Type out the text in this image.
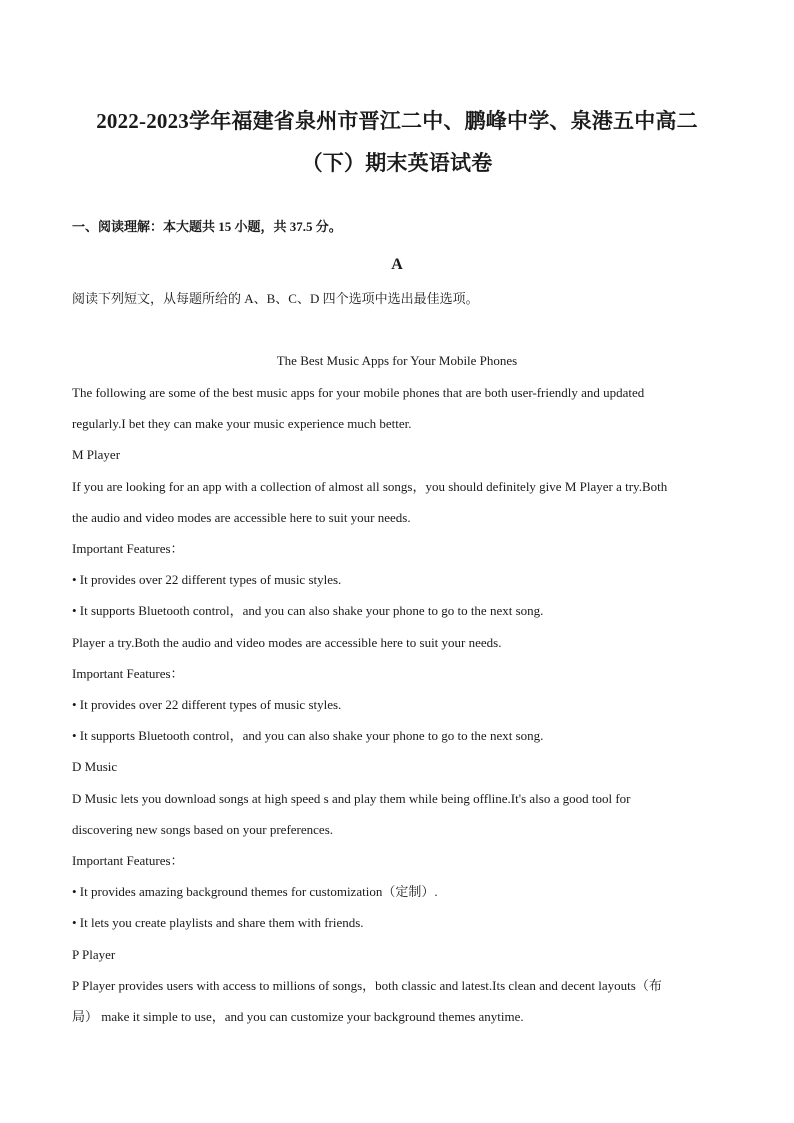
2022-2023学年福建省泉州市晋江二中、鹏峰中学、泉港五中高二
（下）期末英语试卷
一、阅读理解：本大题共 15 小题，共 37.5 分。
A
阅读下列短文，从每题所给的 A、B、C、D 四个选项中选出最佳选项。
The Best Music Apps for Your Mobile Phones

The following are some of the best music apps for your mobile phones that are both user-friendly and updated

regularly.I bet they can make your music experience much better.

M Player

If you are looking for an app with a collection of almost all songs，you should definitely give M Player a try.Both

the audio and video modes are accessible here to suit your needs.

Important Features：

• It provides over 22 different types of music styles.

• It supports Bluetooth control，and you can also shake your phone to go to the next song.

Player a try.Both the audio and video modes are accessible here to suit your needs.

Important Features：

• It provides over 22 different types of music styles.

• It supports Bluetooth control，and you can also shake your phone to go to the next song.

D Music

D Music lets you download songs at high speed s and play them while being offline.It's also a good tool for

discovering new songs based on your preferences.

Important Features：

• It provides amazing background themes for customization（定制）.

• It lets you create playlists and share them with friends.

P Player

P Player provides users with access to millions of songs，both classic and latest.Its clean and decent layouts（布

局） make it simple to use，and you can customize your background themes anytime.
